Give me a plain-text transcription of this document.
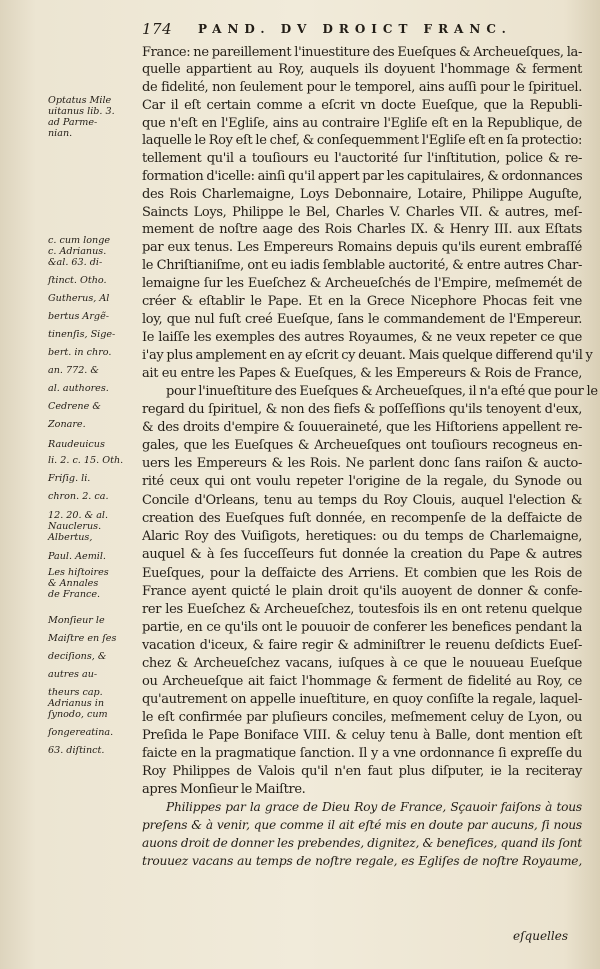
174 PAND. DV DROICT FRANC.
Optatus Mile
uitanus lib. 3.
ad Parme-
nian.
c. cum longe
c. Adrianus.
&al. 63. di-
ſtinct. Otho.
Gutherus, Al
bertus Argẽ-
tinenſis, Sige-
bert. in chro.
an. 772. &
al. authores.
Cedrene &
Zonare.
Raudeuicus
li. 2. c. 15. Oth.
Friſig. li.
chron. 2. ca.
12. 20. & al.
Nauclerus.
Albertus,
Paul. Aemil.
Les hiſtoires
& Annales
de France.
Monſieur le
Maiſtre en ſes
deciſions, &
autres au-
theurs cap.
Adrianus in
ſynodo, cum
ſongereatina.
63. diſtinct.
France: ne pareillement l'inuestiture des Eueſques & Archeueſques, la-
quelle appartient au Roy, auquels ils doyuent l'hommage & ferment
de fidelité, non ſeulement pour le temporel, ains auſſi pour le ſpirituel.
Car il eſt certain comme a eſcrit vn docte Eueſque, que la Republi-
que n'eſt en l'Egliſe, ains au contraire l'Egliſe eſt en la Republique, de
laquelle le Roy eſt le chef, & conſequemment l'Egliſe eſt en ſa protectio:
tellement qu'il a touſiours eu l'auctorité ſur l'inſtitution, police & re-
formation d'icelle: ainſi qu'il appert par les capitulaires, & ordonnances
des Rois Charlemaigne, Loys Debonnaire, Lotaire, Philippe Auguſte,
Saincts Loys, Philippe le Bel, Charles V. Charles VII. & autres, meſ-
mement de noſtre aage des Rois Charles IX. & Henry III. aux Eſtats
par eux tenus. Les Empereurs Romains depuis qu'ils eurent embraſſé
le Chriſtianiſme, ont eu iadis ſemblable auctorité, & entre autres Char-
lemaigne ſur les Eueſchez & Archeueſchés de l'Empire, meſmemét de
créer & eſtablir le Pape. Et en la Grece Nicephore Phocas feit vne
loy, que nul fuſt creé Eueſque, ſans le commandement de l'Empereur.
Ie laiſſe les exemples des autres Royaumes, & ne veux repeter ce que
i'ay plus amplement en ay eſcrit cy deuant. Mais quelque differend qu'il y
ait eu entre les Papes & Eueſques, & les Empereurs & Rois de France,
pour l'inueſtiture des Eueſques & Archeueſques, il n'a eſté que pour le
regard du ſpirituel, & non des fiefs & poſſeſſions qu'ils tenoyent d'eux,
& des droits d'empire & ſouueraineté, que les Hiſtoriens appellent re-
gales, que les Eueſques & Archeueſques ont touſiours recogneus en-
uers les Empereurs & les Rois. Ne parlent donc ſans raiſon & aucto-
rité ceux qui ont voulu repeter l'origine de la regale, du Synode ou
Concile d'Orleans, tenu au temps du Roy Clouis, auquel l'election &
creation des Eueſques fuſt donnée, en recompenſe de la deſfaicte de
Alaric Roy des Vuiſigots, heretiques: ou du temps de Charlemaigne,
auquel & à ſes ſucceſſeurs fut donnée la creation du Pape & autres
Eueſques, pour la deſfaicte des Arriens. Et combien que les Rois de
France ayent quicté le plain droit qu'ils auoyent de donner & confe-
rer les Eueſchez & Archeueſchez, toutesfois ils en ont retenu quelque
partie, en ce qu'ils ont le pouuoir de conferer les benefices pendant la
vacation d'iceux, & faire regir & adminiſtrer le reuenu deſdicts Eueſ-
chez & Archeueſchez vacans, iuſques à ce que le nouueau Eueſque
ou Archeueſque ait faict l'hommage & ferment de fidelité au Roy, ce
qu'autrement on appelle inueſtiture, en quoy conſiſte la regale, laquel-
le eſt confirmée par pluſieurs conciles, meſmement celuy de Lyon, ou
Preſida le Pape Boniface VIII. & celuy tenu à Balle, dont mention eſt
faicte en la pragmatique ſanction. Il y a vne ordonnance ſi expreſſe du
Roy Philippes de Valois qu'il n'en faut plus diſputer, ie la reciteray
apres Monſieur le Maiſtre.
Philippes par la grace de Dieu Roy de France, Sçauoir faiſons à tous
preſens & à venir, que comme il ait eſté mis en doute par aucuns, ſi nous
auons droit de donner les prebendes, dignitez, & benefices, quand ils ſont
trouuez vacans au temps de noſtre regale, es Egliſes de noſtre Royaume,
eſquelles
